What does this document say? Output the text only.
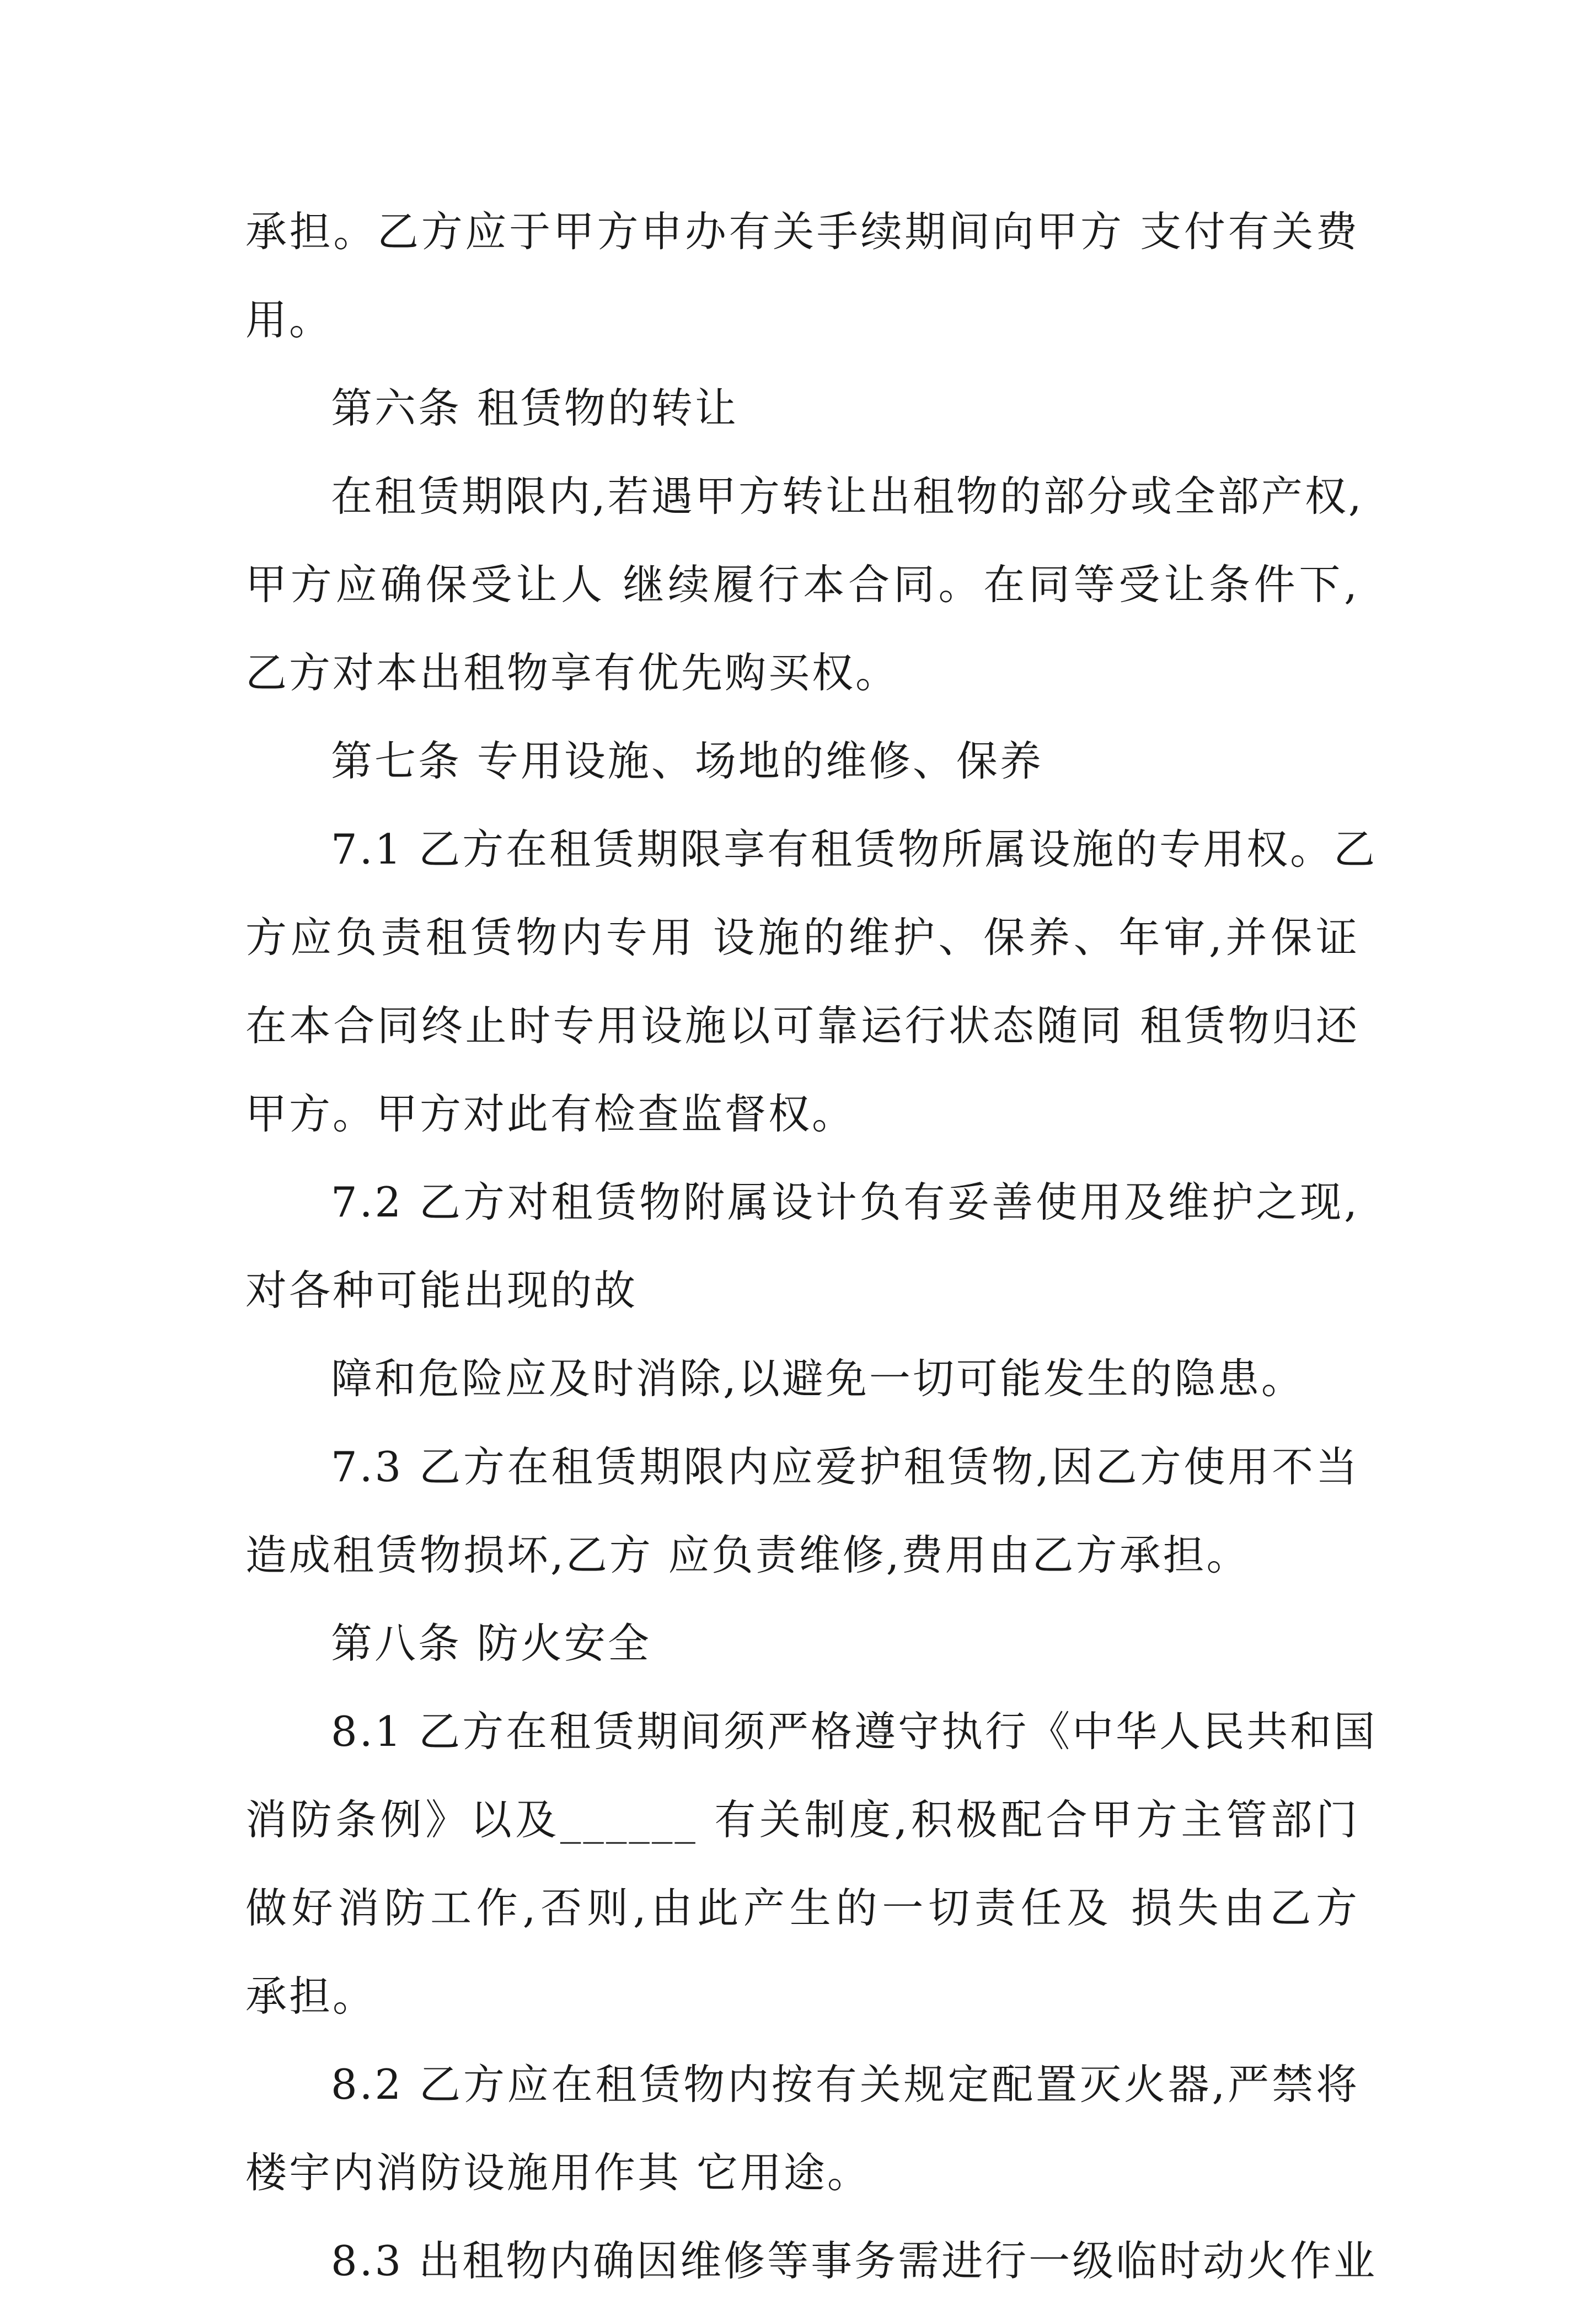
承担。乙方应于甲方申办有关手续期间向甲方 支付有关费
用。
第六条 租赁物的转让
在租赁期限内,若遇甲方转让出租物的部分或全部产权,
甲方应确保受让人 继续履行本合同。在同等受让条件下,
乙方对本出租物享有优先购买权。
第七条 专用设施、场地的维修、保养
7.1 乙方在租赁期限享有租赁物所属设施的专用权。乙
方应负责租赁物内专用 设施的维护、保养、年审,并保证
在本合同终止时专用设施以可靠运行状态随同 租赁物归还
甲方。甲方对此有检查监督权。
7.2 乙方对租赁物附属设计负有妥善使用及维护之现,
对各种可能出现的故
障和危险应及时消除,以避免一切可能发生的隐患。
7.3 乙方在租赁期限内应爱护租赁物,因乙方使用不当
造成租赁物损坏,乙方 应负责维修,费用由乙方承担。
第八条 防火安全
8.1 乙方在租赁期间须严格遵守执行《中华人民共和国
消防条例》以及______ 有关制度,积极配合甲方主管部门
做好消防工作,否则,由此产生的一切责任及 损失由乙方
承担。
8.2 乙方应在租赁物内按有关规定配置灭火器,严禁将
楼宇内消防设施用作其 它用途。
8.3 出租物内确因维修等事务需进行一级临时动火作业
